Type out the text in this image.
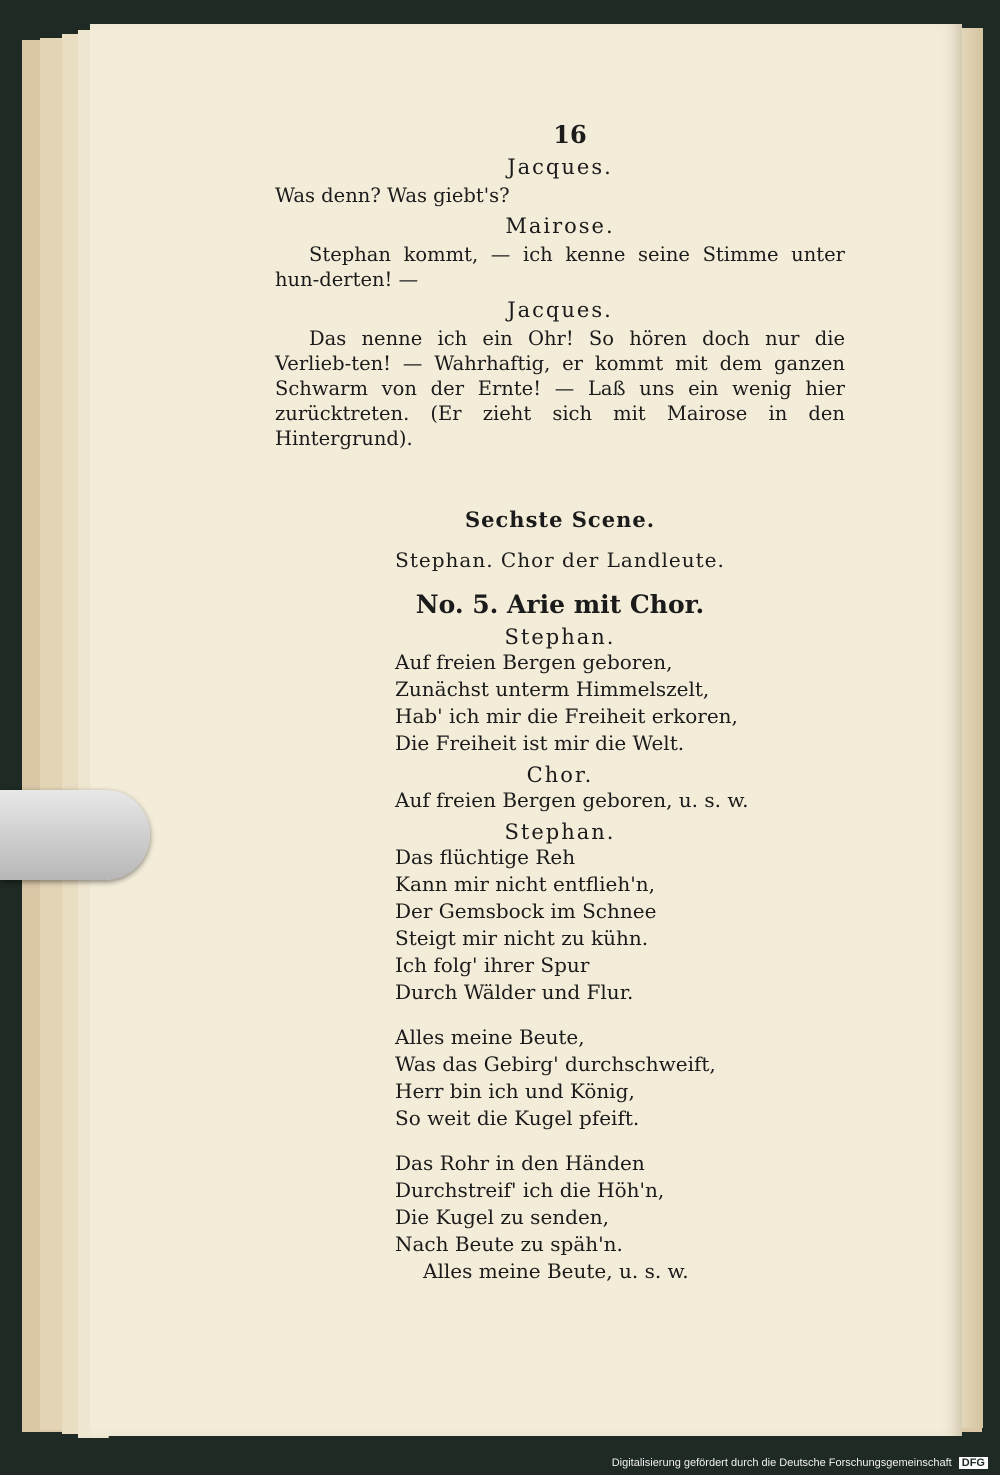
16
Jacques.

Was denn? Was giebt's?

Mairose.

Stephan kommt, — ich kenne seine Stimme unter hun-derten! —

Jacques.

Das nenne ich ein Ohr! So hören doch nur die Verlieb-ten! — Wahrhaftig, er kommt mit dem ganzen Schwarm von der Ernte! — Laß uns ein wenig hier zurücktreten. (Er zieht sich mit Mairose in den Hintergrund).

Sechste Scene.
Stephan. Chor der Landleute.
No. 5. Arie mit Chor.
Stephan.
Auf freien Bergen geboren,
Zunächst unterm Himmelszelt,
Hab' ich mir die Freiheit erkoren,
Die Freiheit ist mir die Welt.
Chor.
Auf freien Bergen geboren, u. s. w.
Stephan.
Das flüchtige Reh
Kann mir nicht entflieh'n,
Der Gemsbock im Schnee
Steigt mir nicht zu kühn.
Ich folg' ihrer Spur
Durch Wälder und Flur.
Alles meine Beute,
Was das Gebirg' durchschweift,
Herr bin ich und König,
So weit die Kugel pfeift.
Das Rohr in den Händen
Durchstreif' ich die Höh'n,
Die Kugel zu senden,
Nach Beute zu späh'n.
Alles meine Beute, u. s. w.
Digitalisierung gefördert durch die Deutsche Forschungsgemeinschaft DFG
